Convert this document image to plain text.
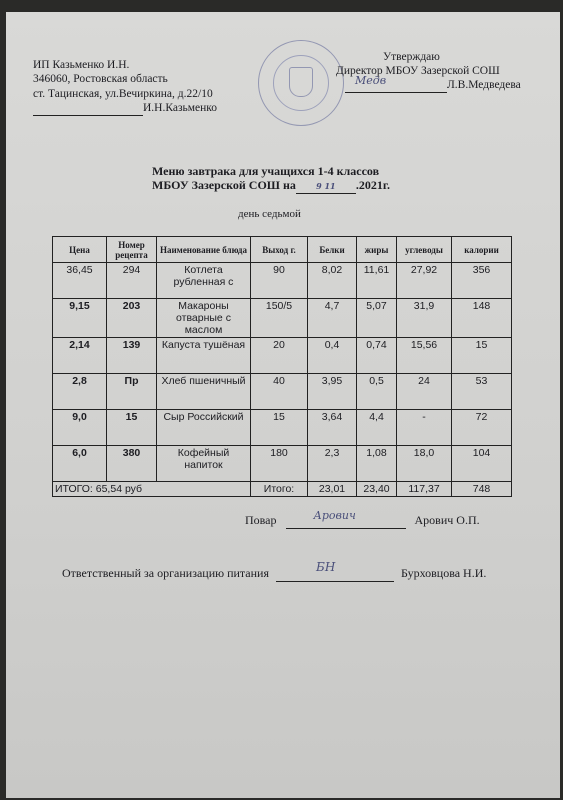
ИП Казьменко И.Н.
346060, Ростовская область
ст. Тацинская, ул.Вечиркина, д.22/10
И.Н.Казьменко
Утверждаю
Директор МБОУ Зазерской СОШ
Медв	Л.В.Медведева
Меню завтрака для учащихся 1-4 классов
МБОУ Зазерской СОШ на	9 11 .2021г.
день седьмой
Цена	Номер рецепта	Наименование блюда	Выход г.	Белки	жиры	углеводы	калории
36,45	294	Котлета рубленная с	90	8,02	11,61	27,92	356
9,15	203	Макароны отварные с маслом	150/5	4,7	5,07	31,9	148
2,14	139	Капуста тушёная	20	0,4	0,74	15,56	15
2,8	Пр	Хлеб пшеничный	40	3,95	0,5	24	53
9,0	15	Сыр Российский	15	3,64	4,4	-	72
6,0	380	Кофейный напиток	180	2,3	1,08	18,0	104
ИТОГО: 65,54 руб			Итого:	23,01	23,40	117,37	748
Повар	Арович	Арович О.П.
Ответственный за организацию питания	БН	Бурховцова Н.И.
